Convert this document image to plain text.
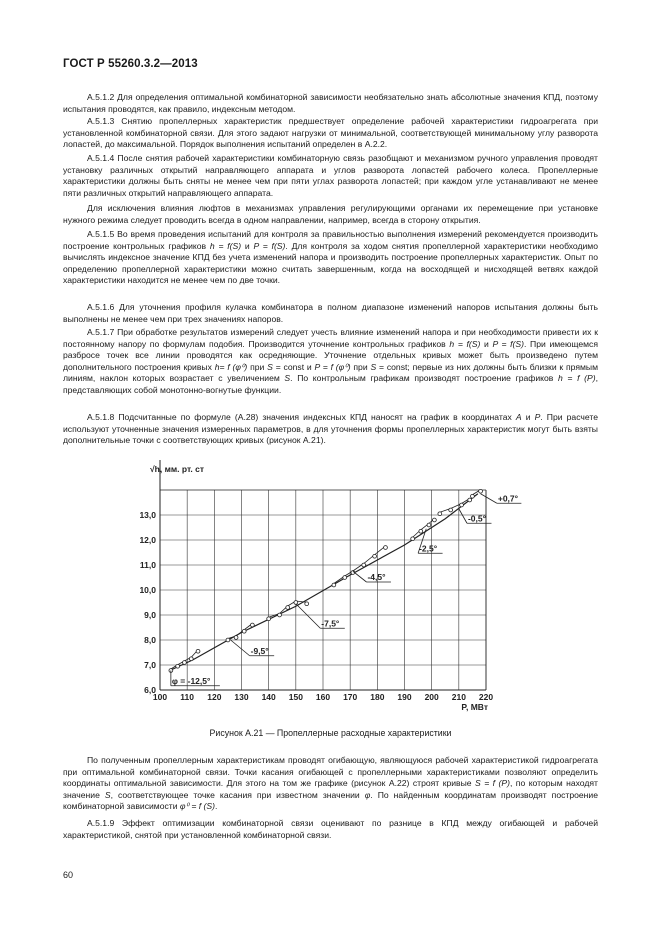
ГОСТ Р 55260.3.2—2013

А.5.1.2 Для определения оптимальной комбинаторной зависимости необязательно знать абсолютные значения КПД, поэтому испытания проводятся, как правило, индексным методом.

А.5.1.3 Снятию пропеллерных характеристик предшествует определение рабочей характеристики гидроагрегата при установленной комбинаторной связи. Для этого задают нагрузки от минимальной, соответствующей минимальному углу разворота лопастей, до максимальной. Порядок выполнения испытаний определен в А.2.2.

А.5.1.4 После снятия рабочей характеристики комбинаторную связь разобщают и механизмом ручного управления проводят установку различных открытий направляющего аппарата и углов разворота лопастей рабочего колеса. Пропеллерные характеристики должны быть сняты не менее чем при пяти углах разворота лопастей; при каждом угле устанавливают не менее пяти различных открытий направляющего аппарата.

Для исключения влияния люфтов в механизмах управления регулирующими органами их перемещение при установке нужного режима следует проводить всегда в одном направлении, например, всегда в сторону открытия.

А.5.1.5 Во время проведения испытаний для контроля за правильностью выполнения измерений рекомендуется производить построение контрольных графиков h = f(S) и P = f(S). Для контроля за ходом снятия пропеллерной характеристики необходимо вычислять индексное значение КПД без учета изменений напора и производить построение пропеллерных характеристик. Опыт по определению пропеллерной характеристики можно считать завершенным, когда на восходящей и нисходящей ветвях каждой характеристики находится не менее чем по две точки.

А.5.1.6 Для уточнения профиля кулачка комбинатора в полном диапазоне изменений напоров испытания должны быть выполнены не менее чем при трех значениях напоров.

А.5.1.7 При обработке результатов измерений следует учесть влияние изменений напора и при необходимости привести их к постоянному напору по формулам подобия. Производится уточнение контрольных графиков h = f(S) и P = f(S). При имеющемся разбросе точек все линии проводятся как осредняющие. Уточнение отдельных кривых может быть произведено путем дополнительного построения кривых h= f (φ⁰) при S = const и P = f (φ⁰) при S = const; первые из них должны быть близки к прямым линиям, наклон которых возрастает с увеличением S. По контрольным графикам производят построение графиков h = f (P), представляющих собой монотонно-вогнутые функции.

А.5.1.8 Подсчитанные по формуле (А.28) значения индексных КПД наносят на график в координатах А и Р. При расчете используют уточненные значения измеренных параметров, в для уточнения формы пропеллерных характеристик могут быть взяты дополнительные точки с соответствующих кривых (рисунок А.21).

100 110 120 130 140 150 160 170 180 190 200 210 220
6,0
7,0
8,0
9,0
10,0
11,0
12,0
13,0
√h, мм. рт. ст
P, МВт
φ = -12,5°
-9,5°
-7,5°
-4,5°
-2,5°
-0,5°
+0,7°
Рисунок А.21 — Пропеллерные расходные характеристики

По полученным пропеллерным характеристикам проводят огибающую, являющуюся рабочей характеристикой гидроагрегата при оптимальной комбинаторной связи. Точки касания огибающей с пропеллерными характеристиками позволяют определить координаты оптимальной зависимости. Для этого на том же графике (рисунок А.22) строят кривые S = f (P), по которым находят значение S, соответствующее точке касания при известном значении φ. По найденным координатам производят построение комбинаторной зависимости φ⁰ = f (S).

А.5.1.9 Эффект оптимизации комбинаторной связи оценивают по разнице в КПД между огибающей и рабочей характеристикой, снятой при установленной комбинаторной связи.

60
